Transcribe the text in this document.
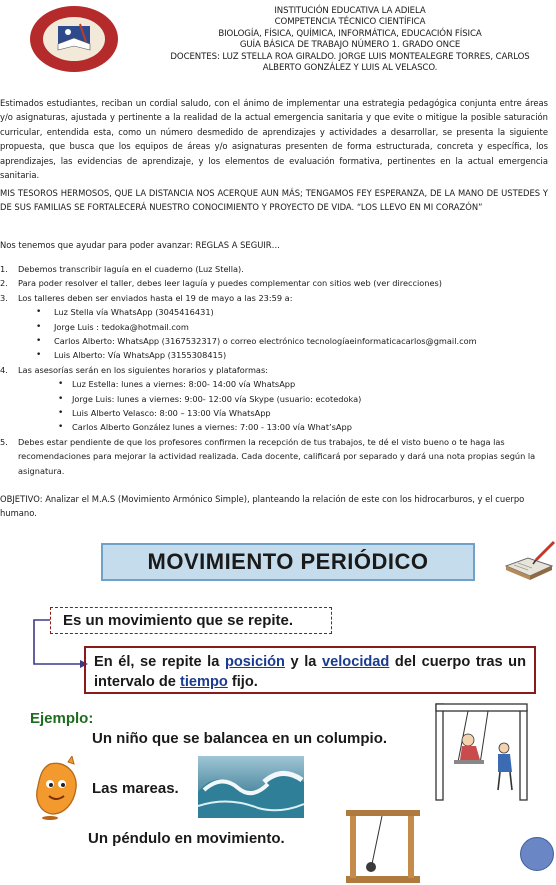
INSTITUCIÓN EDUCATIVA LA ADIELA
COMPETENCIA TÉCNICO CIENTÍFICA
BIOLOGÍA, FÍSICA, QUÍMICA, INFORMÁTICA, EDUCACIÓN FÍSICA
GUÍA BÁSICA DE TRABAJO NÚMERO 1. GRADO ONCE
DOCENTES: LUZ STELLA ROA GIRALDO. JORGE LUIS MONTEALEGRE TORRES, CARLOS
ALBERTO GONZÁLEZ Y LUIS AL VELASCO.

Estimados estudiantes, reciban un cordial saludo, con el ánimo de implementar una estrategia pedagógica conjunta entre áreas y/o asignaturas, ajustada y pertinente a la realidad de la actual emergencia sanitaria y que evite o mitigue la posible saturación curricular, entendida esta, como un número desmedido de aprendizajes y actividades a desarrollar, se presenta la siguiente propuesta, que busca que los equipos de áreas y/o asignaturas presenten de forma estructurada, concreta y específica, los aprendizajes, las evidencias de aprendizaje, y los elementos de evaluación formativa, pertinentes en la actual emergencia sanitaria.

MIS TESOROS HERMOSOS, QUE LA DISTANCIA NOS ACERQUE AUN MÁS; TENGAMOS FEY ESPERANZA, DE LA MANO DE USTEDES Y DE SUS FAMILIAS SE FORTALECERÁ NUESTRO CONOCIMIENTO Y PROYECTO DE VIDA. “LOS LLEVO EN MI CORAZÓN”

Nos tenemos que ayudar para poder avanzar: REGLAS A SEGUIR…

1. Debemos transcribir laguía en el cuaderno (Luz Stella).
2. Para poder resolver el taller, debes leer laguía y puedes complementar con sitios web (ver direcciones)
3. Los talleres deben ser enviados hasta el 19 de mayo a las 23:59 a:
• Luz Stella vía WhatsApp (3045416431)
• Jorge Luis : tedoka@hotmail.com
• Carlos Alberto: WhatsApp (3167532317) o correo electrónico tecnologíaeinformaticacarlos@gmail.com
• Luis Alberto: Vía WhatsApp (3155308415)
4. Las asesorías serán en los siguientes horarios y plataformas:
• Luz Estella: lunes a viernes: 8:00- 14:00 vía WhatsApp
• Jorge Luis: lunes a viernes: 9:00- 12:00 vía Skype (usuario: ecotedoka)
• Luis Alberto Velasco: 8:00 – 13:00 Vía WhatsApp
• Carlos Alberto González lunes a viernes: 7:00 - 13:00 vía What’sApp
5. Debes estar pendiente de que los profesores confirmen la recepción de tus trabajos, te dé el visto bueno o te haga las recomendaciones para mejorar la actividad realizada. Cada docente, calificará por separado y dará una nota propias según la asignatura.

OBJETIVO: Analizar el M.A.S (Movimiento Armónico Simple), planteando la relación de este con los hidrocarburos, y el cuerpo humano.

MOVIMIENTO PERIÓDICO
Es un movimiento que se repite.

En él, se repite la posición y la velocidad del cuerpo tras un intervalo de tiempo fijo.

Ejemplo:
Un niño que se balancea en un columpio.
Las mareas.
Un péndulo en movimiento.
